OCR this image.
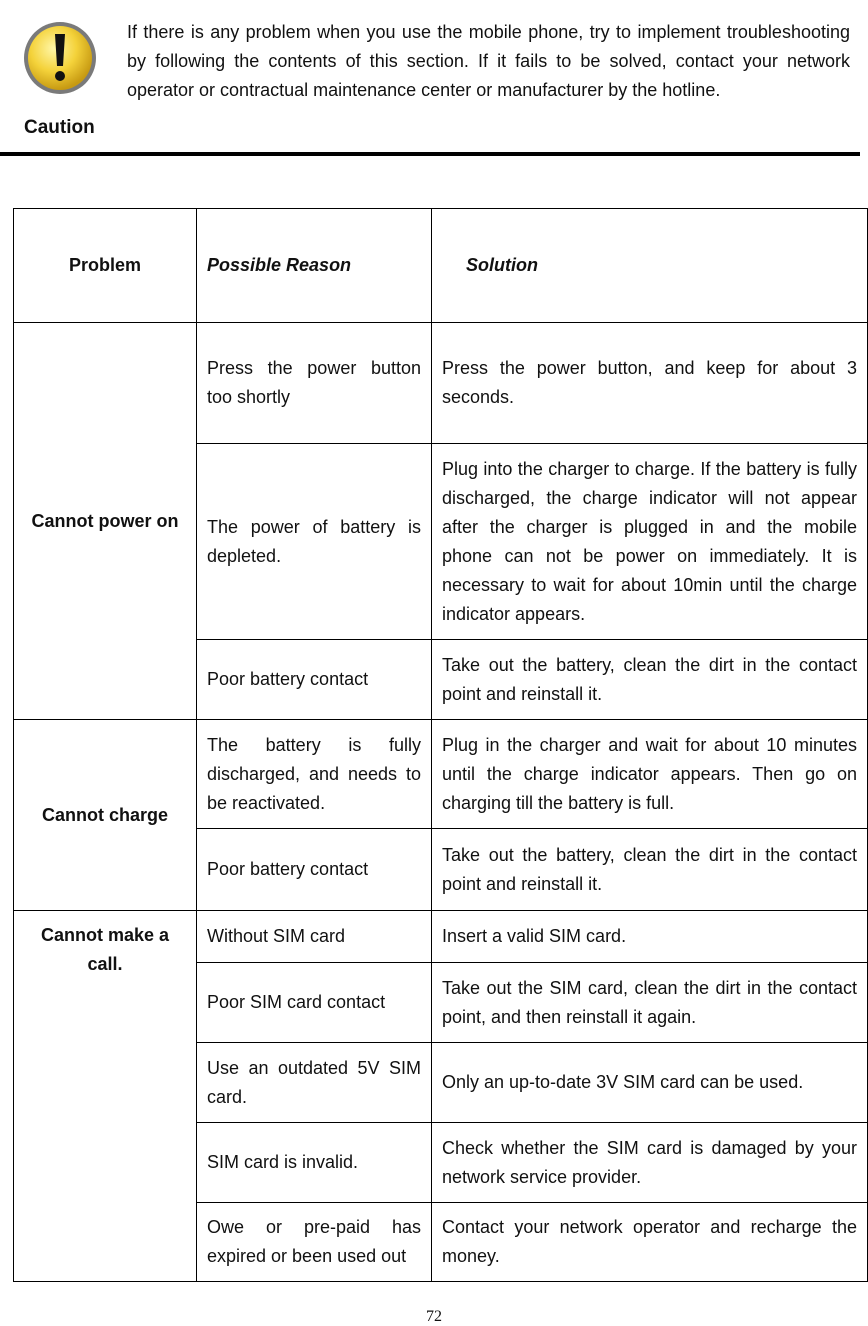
Caution
If there is any problem when you use the mobile phone, try to implement troubleshooting by following the contents of this section. If it fails to be solved, contact your network operator or contractual maintenance center or manufacturer by the hotline.
Problem	Possible Reason	Solution
Cannot power on	Press the power button too shortly	Press the power button, and keep for about 3 seconds.
	The power of battery is depleted.	Plug into the charger to charge. If the battery is fully discharged, the charge indicator will not appear after the charger is plugged in and the mobile phone can not be power on immediately. It is necessary to wait for about 10min until the charge indicator appears.
	Poor battery contact	Take out the battery, clean the dirt in the contact point and reinstall it.
Cannot charge	The battery is fully discharged, and needs to be reactivated.	Plug in the charger and wait for about 10 minutes until the charge indicator appears. Then go on charging till the battery is full.
	Poor battery contact	Take out the battery, clean the dirt in the contact point and reinstall it.
Cannot make a call.	Without SIM card	Insert a valid SIM card.
	Poor SIM card contact	Take out the SIM card, clean the dirt in the contact point, and then reinstall it again.
	Use an outdated 5V SIM card.	Only an up-to-date 3V SIM card can be used.
	SIM card is invalid.	Check whether the SIM card is damaged by your network service provider.
	Owe or pre-paid has expired or been used out	Contact your network operator and recharge the money.
72
